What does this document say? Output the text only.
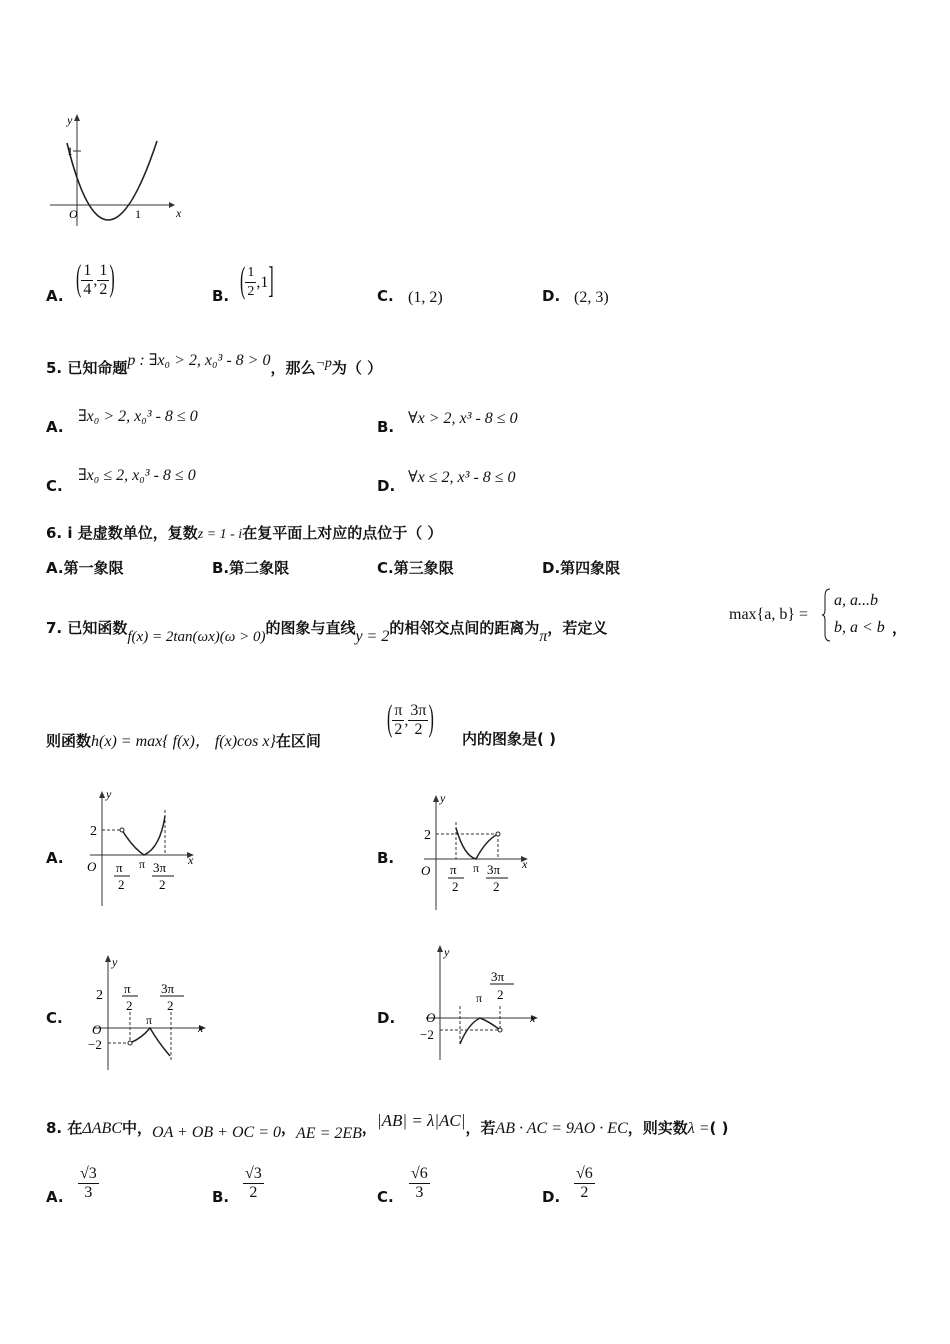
y
x
O
1
1
A. ( $\frac{1}{4}$ , $\frac{1}{2}$ )	B. ( $\frac{1}{2} ,1$]	C. (1, 2)	D. (2, 3)
5. 已知命题p : ∃x₀ > 2, x₀³ - 8 > 0，那么¬p为（ ）
A.
∃x₀ > 2, x₀³ - 8 ≤ 0
B. ∀x > 2, x³ - 8 ≤ 0
C.
∃x₀ ≤ 2, x₀³ - 8 ≤ 0
D. ∀x ≤ 2, x³ - 8 ≤ 0
6. i 是虚数单位，复数z = 1 - i在复平面上对应的点位于（ ）
A.第一象限	B.第二象限	C.第三象限	D.第四象限
7. 已知函数f(x) = 2tan(ωx)(ω > 0)的图象与直线y = 2的相邻交点间的距离为π，若定义
max{a, b} =
a, a...b
b, a < b ，
则函数h(x) = max{ f(x)， f(x)cos x}在区间
( $\frac{\pi}{2}$ , $\frac{3\pi}{2}$ )
内的图象是( )
A.
y
x
O
2
π
2
π 3π
2
B.
y
x
O
2
π
2
π 3π
2
C.
y
x
O
2
−2
π
2
π
3π
2
D.
y
x
O
−2
π
3π
2
8. 在ΔABC中，OA + OB + OC = 0，AE = 2EB，|AB| = λ|AC|，若AB · AC = 9AO · EC，则实数λ =( )
A. $\frac{√3}{3}$	B. $\frac{√3}{2}$	C. $\frac{√6}{3}$	D. $\frac{√6}{2}$
